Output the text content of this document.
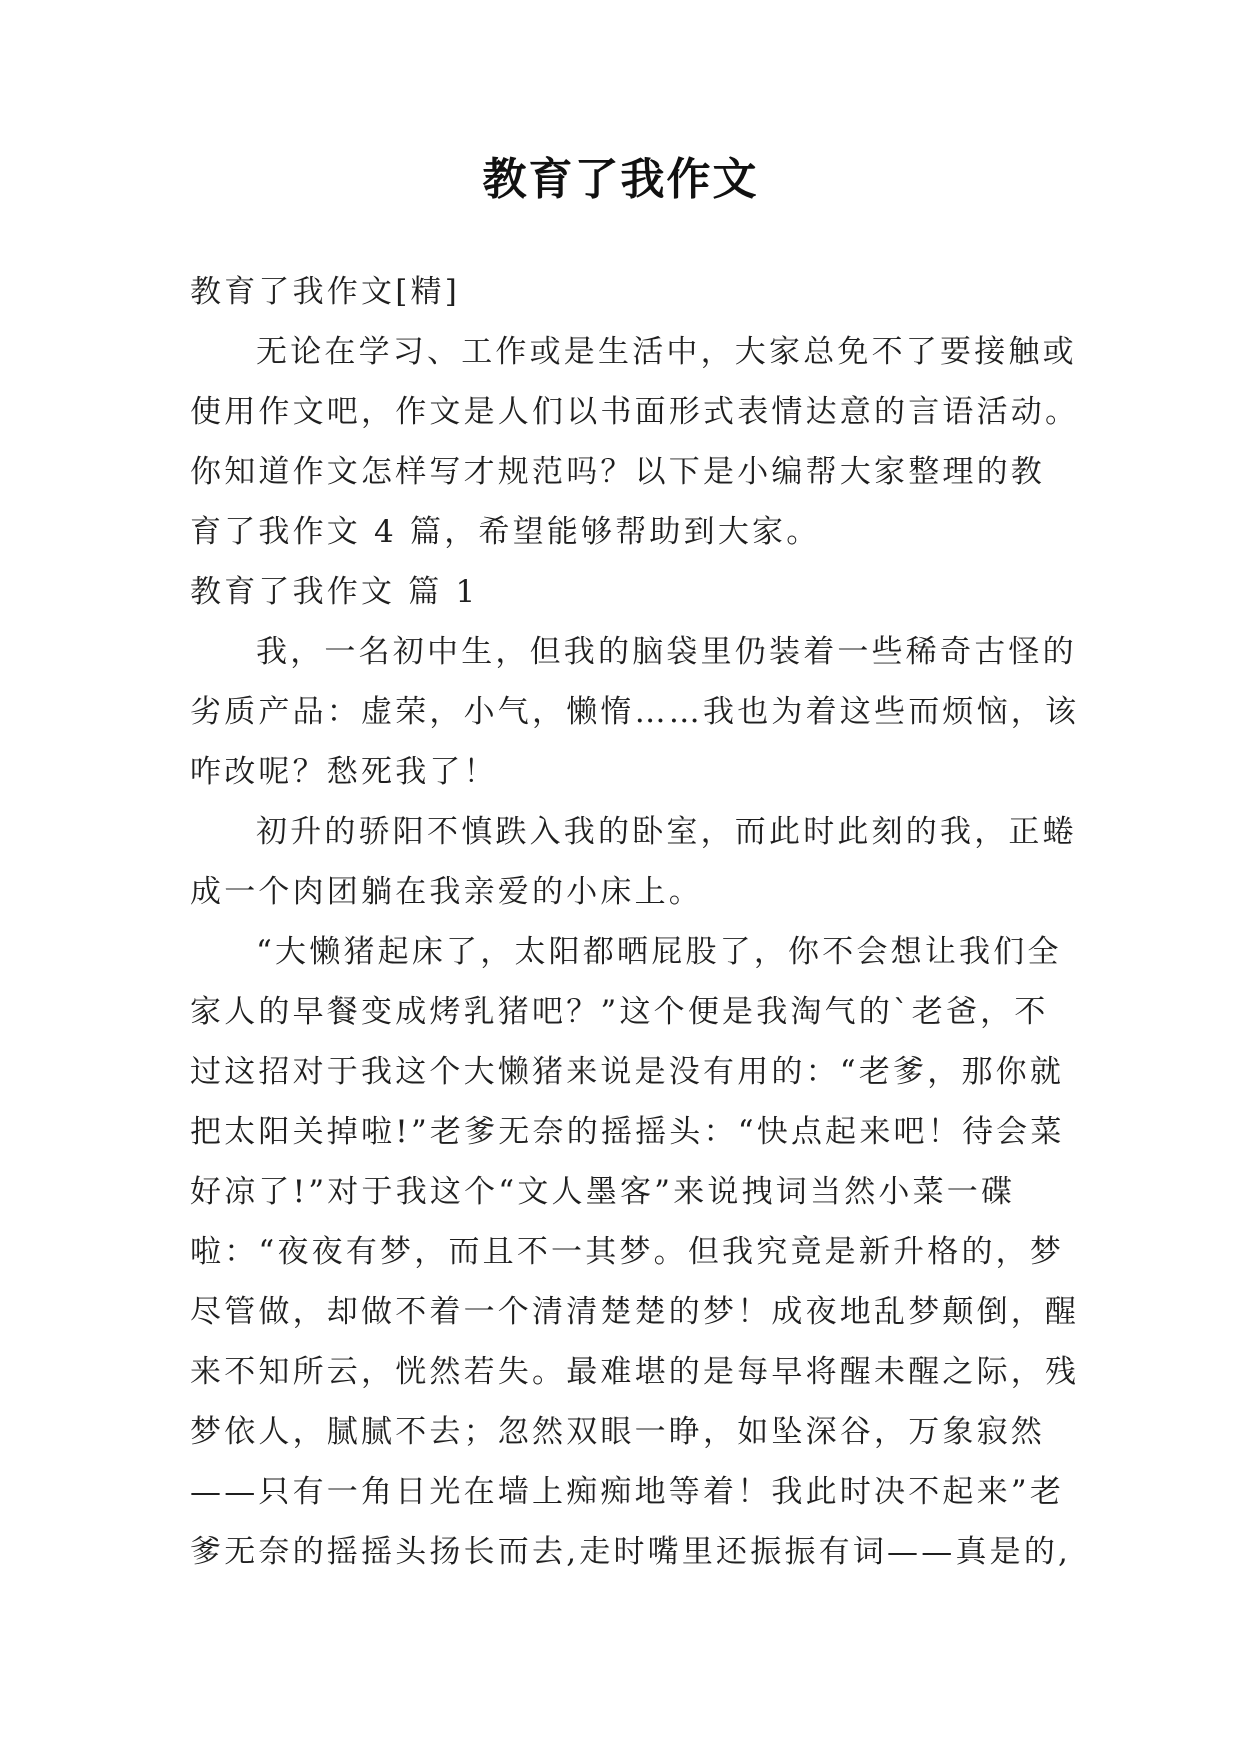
教育了我作文
教育了我作文[精]
无论在学习、工作或是生活中，大家总免不了要接触或
使用作文吧，作文是人们以书面形式表情达意的言语活动。
你知道作文怎样写才规范吗？以下是小编帮大家整理的教
育了我作文 4 篇，希望能够帮助到大家。
教育了我作文 篇 1
我，一名初中生，但我的脑袋里仍装着一些稀奇古怪的
劣质产品：虚荣，小气，懒惰……我也为着这些而烦恼，该
咋改呢？愁死我了！
初升的骄阳不慎跌入我的卧室，而此时此刻的我，正蜷
成一个肉团躺在我亲爱的小床上。
“大懒猪起床了，太阳都晒屁股了，你不会想让我们全
家人的早餐变成烤乳猪吧？”这个便是我淘气的`老爸，不
过这招对于我这个大懒猪来说是没有用的：“老爹，那你就
把太阳关掉啦!”老爹无奈的摇摇头：“快点起来吧！待会菜
好凉了!”对于我这个“文人墨客”来说拽词当然小菜一碟
啦：“夜夜有梦，而且不一其梦。但我究竟是新升格的，梦
尽管做，却做不着一个清清楚楚的梦！成夜地乱梦颠倒，醒
来不知所云，恍然若失。最难堪的是每早将醒未醒之际，残
梦依人，腻腻不去；忽然双眼一睁，如坠深谷，万象寂然
——只有一角日光在墙上痴痴地等着！我此时决不起来”老
爹无奈的摇摇头扬长而去,走时嘴里还振振有词——真是的,
